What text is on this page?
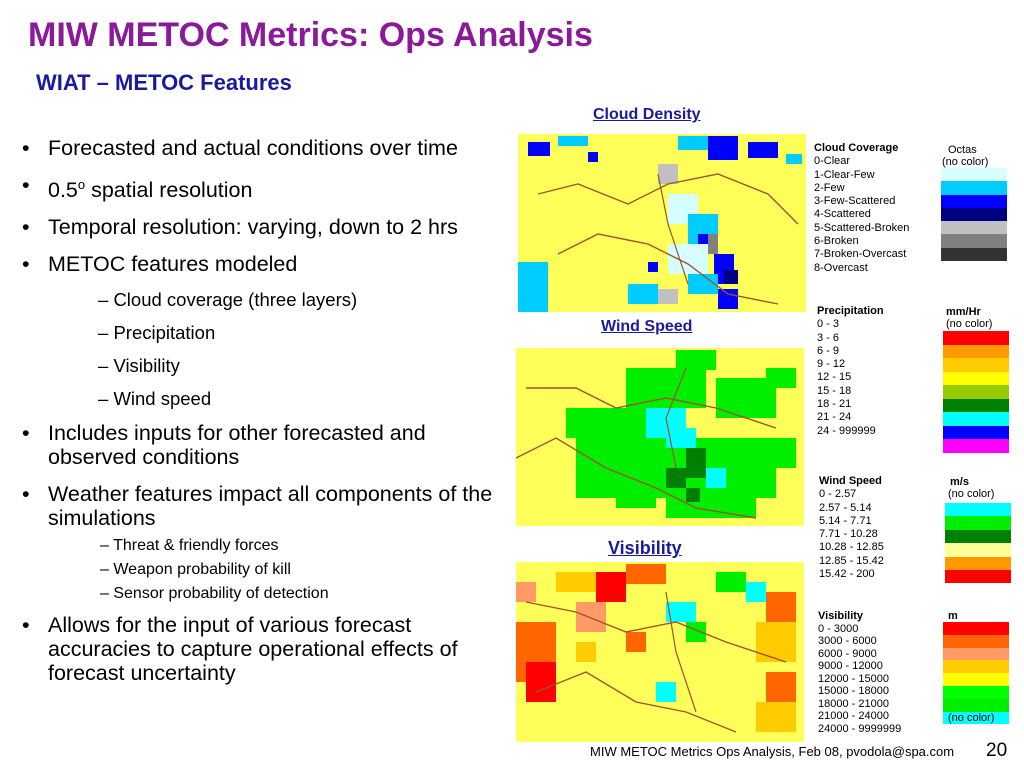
MIW METOC Metrics: Ops Analysis
WIAT – METOC Features
• Forecasted and actual conditions over time
• 0.5$^o$ spatial resolution
• Temporal resolution: varying, down to 2 hrs
• METOC features modeled
– Cloud coverage (three layers)
– Precipitation
– Visibility
– Wind speed
• Includes inputs for other forecasted and observed conditions
• Weather features impact all components of the simulations
– Threat & friendly forces
– Weapon probability of kill
– Sensor probability of detection
• Allows for the input of various forecast accuracies to capture operational effects of forecast uncertainty
Cloud Density
Cloud Coverage
0-Clear
1-Clear-Few
2-Few
3-Few-Scattered
4-Scattered
5-Scattered-Broken
6-Broken
7-Broken-Overcast
8-Overcast
Octas
(no color)
Precipitation
0 - 3
3 - 6
6 - 9
9 - 12
12 - 15
15 - 18
18 - 21
21 - 24
24 - 999999
mm/Hr
(no color)
Wind Speed
Wind Speed
0 - 2.57
2.57 - 5.14
5.14 - 7.71
7.71 - 10.28
10.28 - 12.85
12.85 - 15.42
15.42 - 200
m/s
(no color)
Visibility
Visibility
0 - 3000
3000 - 6000
6000 - 9000
9000 - 12000
12000 - 15000
15000 - 18000
18000 - 21000
21000 - 24000
24000 - 9999999
m
(no color)
MIW METOC Metrics Ops Analysis, Feb 08, pvodola@spa.com 20
